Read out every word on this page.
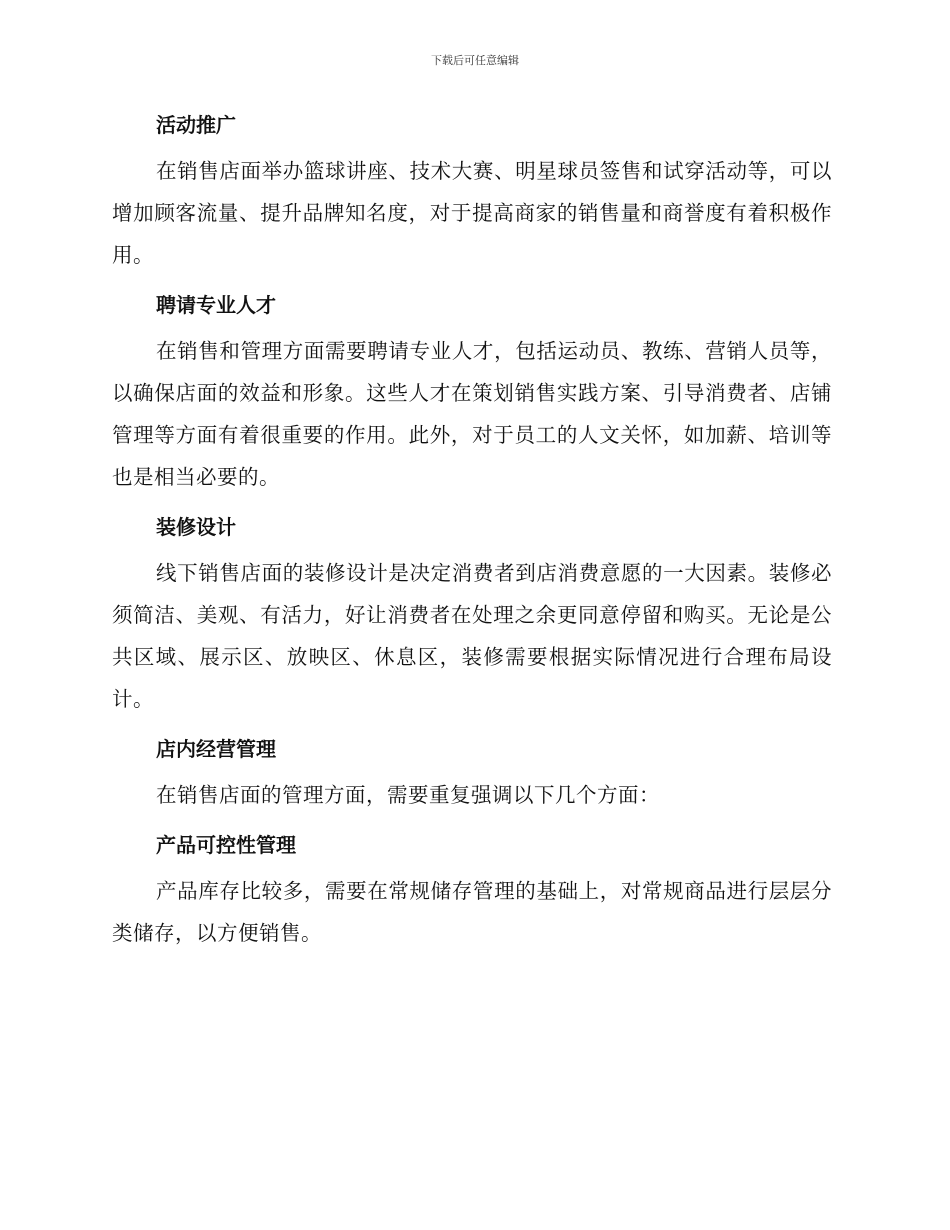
下载后可任意编辑
活动推广

在销售店面举办篮球讲座、技术大赛、明星球员签售和试穿活动等，可以增加顾客流量、提升品牌知名度，对于提高商家的销售量和商誉度有着积极作用。

聘请专业人才

在销售和管理方面需要聘请专业人才，包括运动员、教练、营销人员等，以确保店面的效益和形象。这些人才在策划销售实践方案、引导消费者、店铺管理等方面有着很重要的作用。此外，对于员工的人文关怀，如加薪、培训等也是相当必要的。

装修设计

线下销售店面的装修设计是决定消费者到店消费意愿的一大因素。装修必须简洁、美观、有活力，好让消费者在处理之余更同意停留和购买。无论是公共区域、展示区、放映区、休息区，装修需要根据实际情况进行合理布局设计。

店内经营管理

在销售店面的管理方面，需要重复强调以下几个方面：

产品可控性管理

产品库存比较多，需要在常规储存管理的基础上，对常规商品进行层层分类储存，以方便销售。
